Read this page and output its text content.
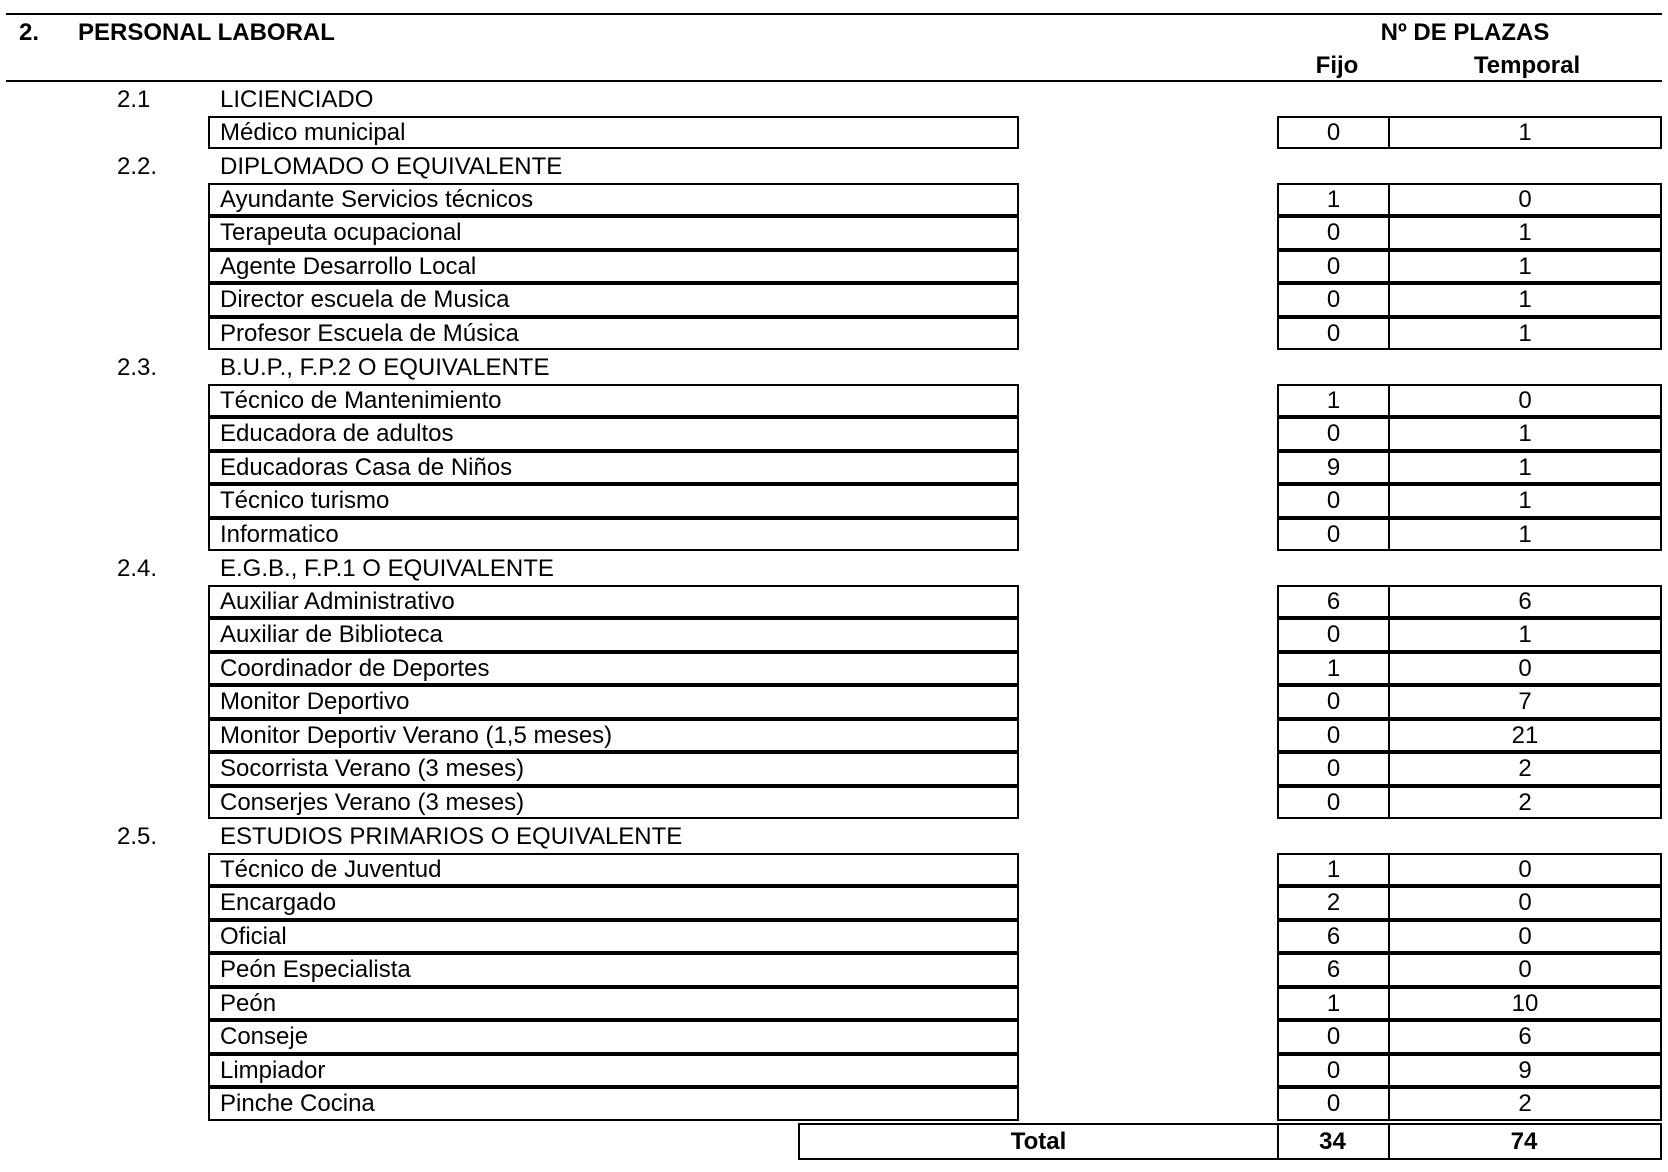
2. PERSONAL LABORAL	Nº DE PLAZAS
Fijo	Temporal
2.1	LICIENCIADO
Médico municipal	0	1
2.2.	DIPLOMADO O EQUIVALENTE
Ayundante Servicios técnicos	1	0
Terapeuta ocupacional	0	1
Agente Desarrollo Local	0	1
Director escuela de Musica	0	1
Profesor Escuela de Música	0	1
2.3.	B.U.P., F.P.2 O EQUIVALENTE
Técnico de Mantenimiento	1	0
Educadora de adultos	0	1
Educadoras Casa de Niños	9	1
Técnico turismo	0	1
Informatico	0	1
2.4.	E.G.B., F.P.1 O EQUIVALENTE
Auxiliar Administrativo	6	6
Auxiliar de Biblioteca	0	1
Coordinador de Deportes	1	0
Monitor Deportivo	0	7
Monitor Deportiv Verano (1,5 meses)	0	21
Socorrista Verano (3 meses)	0	2
Conserjes Verano (3 meses)	0	2
2.5.	ESTUDIOS PRIMARIOS O EQUIVALENTE
Técnico de Juventud	1	0
Encargado	2	0
Oficial	6	0
Peón Especialista	6	0
Peón	1	10
Conseje	0	6
Limpiador	0	9
Pinche Cocina	0	2
Total	34	74
